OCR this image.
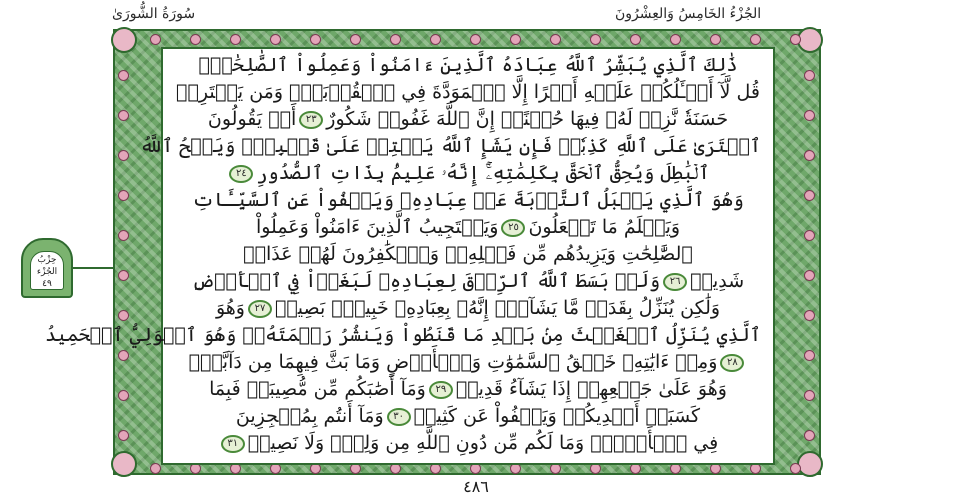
الجُزْءُ الخَامِسُ وَالعِشْرُونَ
سُورَةُ الشُّورَىٰ
ذَٰلِكَ ٱلَّذِي يُبَشِّرُ ٱللَّهُ عِبَادَهُ ٱلَّذِينَ ءَامَنُواْ وَعَمِلُواْ ٱلصَّٰلِحَٰتِۗ
قُل لَّآ أَسۡـَٔلُكُمۡ عَلَيۡهِ أَجۡرًا إِلَّا ٱلۡمَوَدَّةَ فِي ٱلۡقُرۡبَىٰۗ وَمَن يَقۡتَرِفۡ
حَسَنَةٗ نَّزِدۡ لَهُۥ فِيهَا حُسۡنًاۚ إِنَّ ٱللَّهَ غَفُورٞ شَكُورٌ٢٣أَمۡ يَقُولُونَ
ٱفۡتَرَىٰ عَلَى ٱللَّهِ كَذِبٗاۖ فَإِن يَشَإِ ٱللَّهُ يَخۡتِمۡ عَلَىٰ قَلۡبِكَۗ وَيَمۡحُ ٱللَّهُ
ٱلۡبَٰطِلَ وَيُحِقُّ ٱلۡحَقَّ بِكَلِمَٰتِهِۦٓۚ إِنَّهُۥ عَلِيمُۢ بِذَاتِ ٱلصُّدُورِ٢٤
وَهُوَ ٱلَّذِي يَقۡبَلُ ٱلتَّوۡبَةَ عَنۡ عِبَادِهِۦ وَيَعۡفُواْ عَنِ ٱلسَّيِّـَٔاتِ
وَيَعۡلَمُ مَا تَفۡعَلُونَ٢٥وَيَسۡتَجِيبُ ٱلَّذِينَ ءَامَنُواْ وَعَمِلُواْ
ٱلصَّٰلِحَٰتِ وَيَزِيدُهُم مِّن فَضۡلِهِۦۚ وَٱلۡكَٰفِرُونَ لَهُمۡ عَذَابٞ
شَدِيدٞ٢٦وَلَوۡ بَسَطَ ٱللَّهُ ٱلرِّزۡقَ لِعِبَادِهِۦ لَبَغَوۡاْ فِي ٱلۡأَرۡضِ
وَلَٰكِن يُنَزِّلُ بِقَدَرٖ مَّا يَشَآءُۚ إِنَّهُۥ بِعِبَادِهِۦ خَبِيرُۢ بَصِيرٞ٢٧وَهُوَ
ٱلَّذِي يُنَزِّلُ ٱلۡغَيۡثَ مِنۢ بَعۡدِ مَا قَنَطُواْ وَيَنشُرُ رَحۡمَتَهُۥۚ وَهُوَ ٱلۡوَلِيُّ ٱلۡحَمِيدُ
٢٨وَمِنۡ ءَايَٰتِهِۦ خَلۡقُ ٱلسَّمَٰوَٰتِ وَٱلۡأَرۡضِ وَمَا بَثَّ فِيهِمَا مِن دَآبَّةٖۚ
وَهُوَ عَلَىٰ جَمۡعِهِمۡ إِذَا يَشَآءُ قَدِيرٞ٢٩وَمَآ أَصَٰبَكُم مِّن مُّصِيبَةٖ فَبِمَا
كَسَبَتۡ أَيۡدِيكُمۡ وَيَعۡفُواْ عَن كَثِيرٖ٣٠وَمَآ أَنتُم بِمُعۡجِزِينَ
فِي ٱلۡأَرۡضِۖ وَمَا لَكُم مِّن دُونِ ٱللَّهِ مِن وَلِيّٖ وَلَا نَصِيرٖ٣١
حِزْبُ
الجُزْء
٤٩
٤٨٦
